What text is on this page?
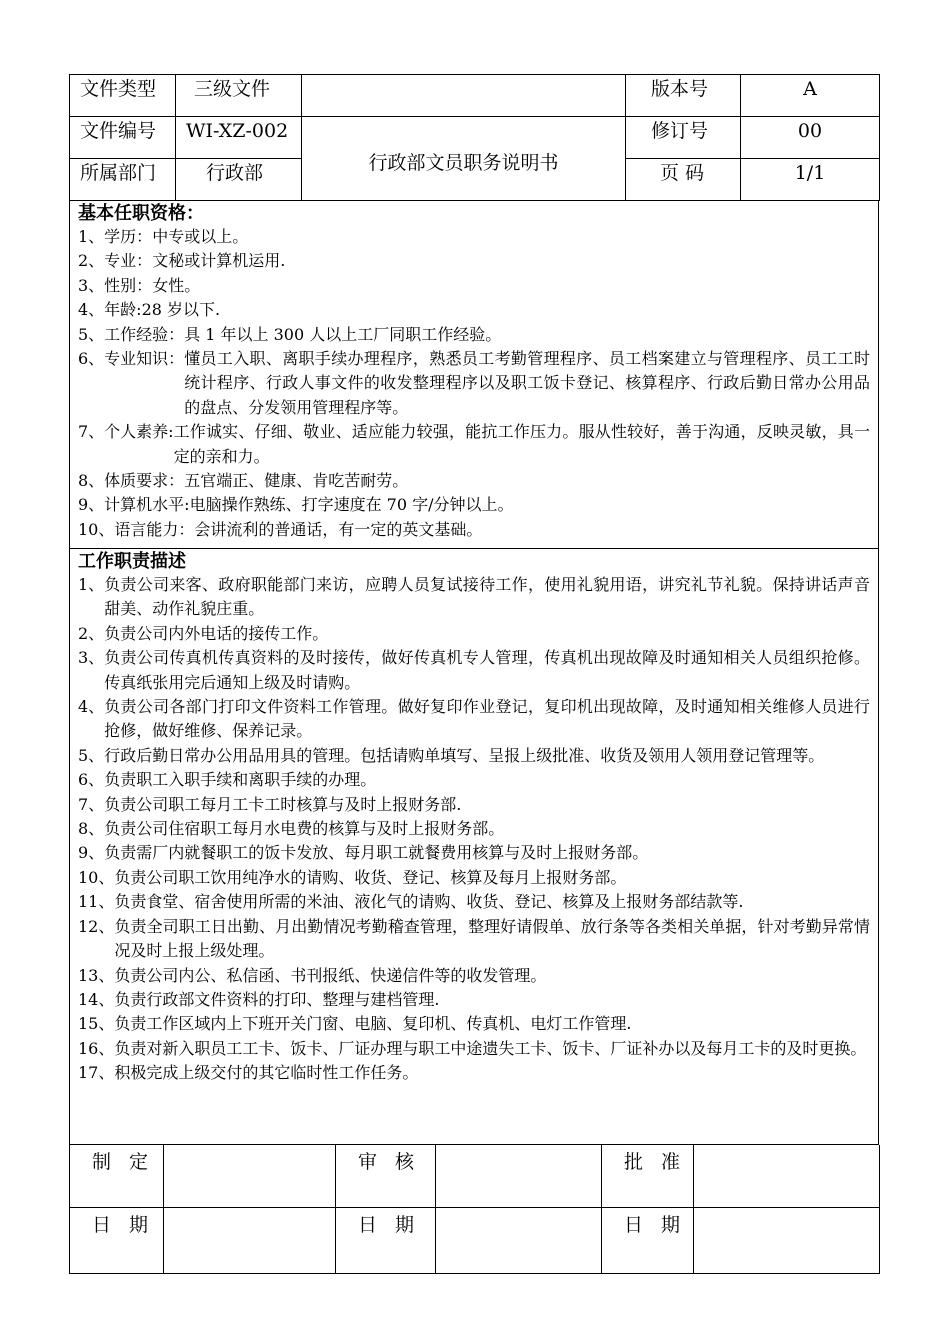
文件类型	三级文件		版本号	A
文件编号	WI-XZ-002	行政部文员职务说明书	修订号	00
所属部门	行政部		页 码	1/1
基本任职资格：
1、学历： 中专或以上。
2、专业： 文秘或计算机运用.
3、性别： 女性。
4、年龄: 28 岁以下.
5、工作经验： 具 1 年以上 300 人以上工厂同职工作经验。
6、专业知识： 懂员工入职、离职手续办理程序，熟悉员工考勤管理程序、员工档案建立与管理程序、员工工时统计程序、行政人事文件的收发整理程序以及职工饭卡登记、核算程序、行政后勤日常办公用品的盘点、分发领用管理程序等。
7、个人素养: 工作诚实、仔细、敬业、适应能力较强，能抗工作压力。服从性较好，善于沟通，反映灵敏，具一定的亲和力。
8、体质要求： 五官端正、健康、肯吃苦耐劳。
9、计算机水平: 电脑操作熟练、打字速度在 70 字/分钟以上。
10、语言能力： 会讲流利的普通话，有一定的英文基础。
工作职责描述
1、 负责公司来客、政府职能部门来访，应聘人员复试接待工作，使用礼貌用语，讲究礼节礼貌。保持讲话声音甜美、动作礼貌庄重。
2、 负责公司内外电话的接传工作。
3、 负责公司传真机传真资料的及时接传，做好传真机专人管理，传真机出现故障及时通知相关人员组织抢修。传真纸张用完后通知上级及时请购。
4、 负责公司各部门打印文件资料工作管理。做好复印作业登记，复印机出现故障，及时通知相关维修人员进行抢修，做好维修、保养记录。
5、 行政后勤日常办公用品用具的管理。包括请购单填写、呈报上级批准、收货及领用人领用登记管理等。
6、 负责职工入职手续和离职手续的办理。
7、 负责公司职工每月工卡工时核算与及时上报财务部.
8、 负责公司住宿职工每月水电费的核算与及时上报财务部。
9、 负责需厂内就餐职工的饭卡发放、每月职工就餐费用核算与及时上报财务部。
10、 负责公司职工饮用纯净水的请购、收货、登记、核算及每月上报财务部。
11、 负责食堂、宿舍使用所需的米油、液化气的请购、收货、登记、核算及上报财务部结款等.
12、 负责全司职工日出勤、月出勤情况考勤稽查管理，整理好请假单、放行条等各类相关单据，针对考勤异常情况及时上报上级处理。
13、 负责公司内公、私信函、书刊报纸、快递信件等的收发管理。
14、 负责行政部文件资料的打印、整理与建档管理.
15、 负责工作区域内上下班开关门窗、电脑、复印机、传真机、电灯工作管理.
16、 负责对新入职员工工卡、饭卡、厂证办理与职工中途遗失工卡、饭卡、厂证补办以及每月工卡的及时更换。
17、 积极完成上级交付的其它临时性工作任务。
制 定		审 核		批 准	
日 期		日 期		日 期	
